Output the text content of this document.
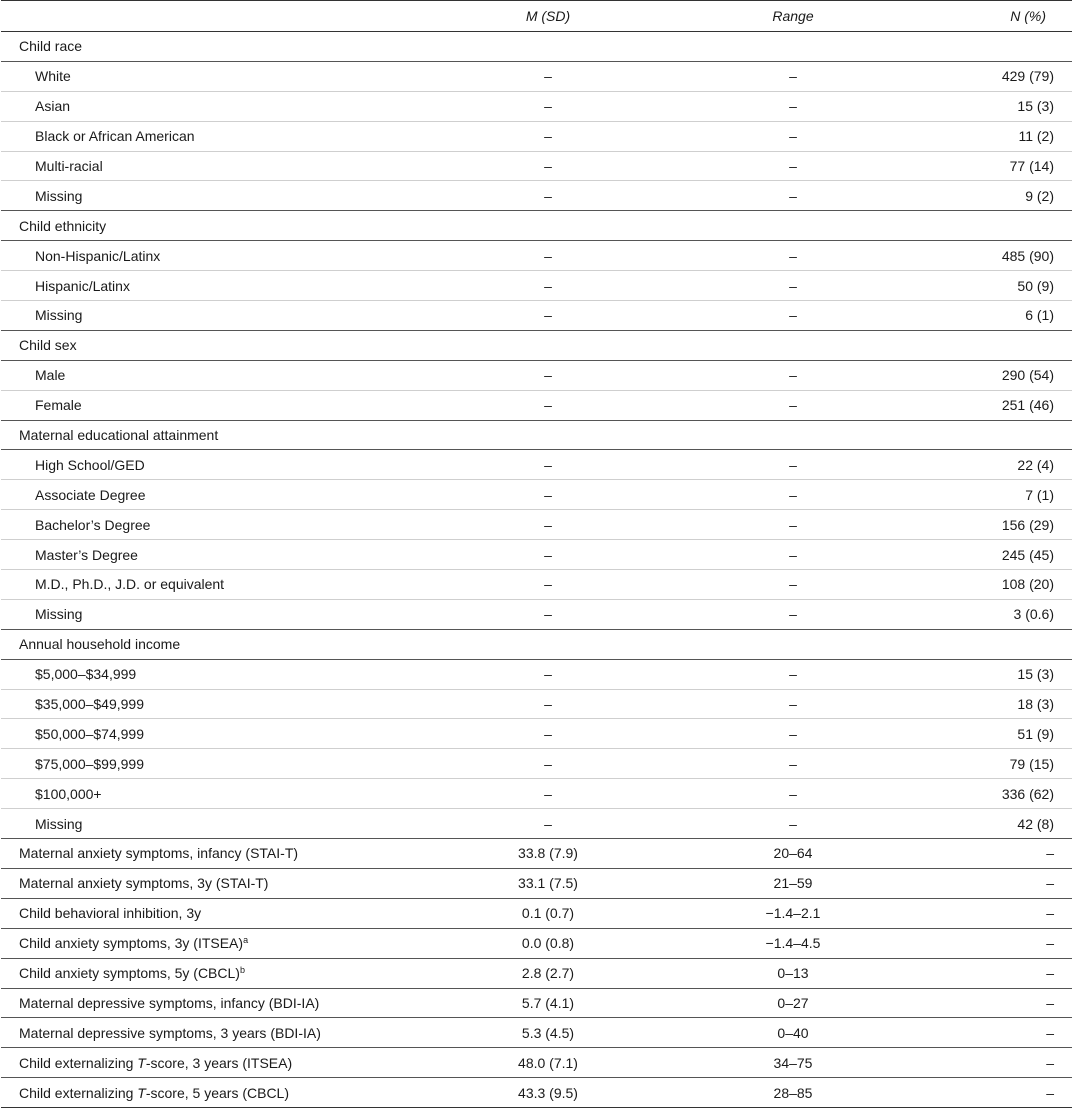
	M (SD)	Range	N (%)
Child race			
White	–	–	429 (79)
Asian	–	–	15 (3)
Black or African American	–	–	11 (2)
Multi-racial	–	–	77 (14)
Missing	–	–	9 (2)
Child ethnicity			
Non-Hispanic/Latinx	–	–	485 (90)
Hispanic/Latinx	–	–	50 (9)
Missing	–	–	6 (1)
Child sex			
Male	–	–	290 (54)
Female	–	–	251 (46)
Maternal educational attainment			
High School/GED	–	–	22 (4)
Associate Degree	–	–	7 (1)
Bachelor’s Degree	–	–	156 (29)
Master’s Degree	–	–	245 (45)
M.D., Ph.D., J.D. or equivalent	–	–	108 (20)
Missing	–	–	3 (0.6)
Annual household income			
$5,000–$34,999	–	–	15 (3)
$35,000–$49,999	–	–	18 (3)
$50,000–$74,999	–	–	51 (9)
$75,000–$99,999	–	–	79 (15)
$100,000+	–	–	336 (62)
Missing	–	–	42 (8)
Maternal anxiety symptoms, infancy (STAI-T)	33.8 (7.9)	20–64	–
Maternal anxiety symptoms, 3y (STAI-T)	33.1 (7.5)	21–59	–
Child behavioral inhibition, 3y	0.1 (0.7)	−1.4–2.1	–
Child anxiety symptoms, 3y (ITSEA)$^a$	0.0 (0.8)	−1.4–4.5	–
Child anxiety symptoms, 5y (CBCL)$^b$	2.8 (2.7)	0–13	–
Maternal depressive symptoms, infancy (BDI-IA)	5.7 (4.1)	0–27	–
Maternal depressive symptoms, 3 years (BDI-IA)	5.3 (4.5)	0–40	–
Child externalizing T-score, 3 years (ITSEA)	48.0 (7.1)	34–75	–
Child externalizing T-score, 5 years (CBCL)	43.3 (9.5)	28–85	–
